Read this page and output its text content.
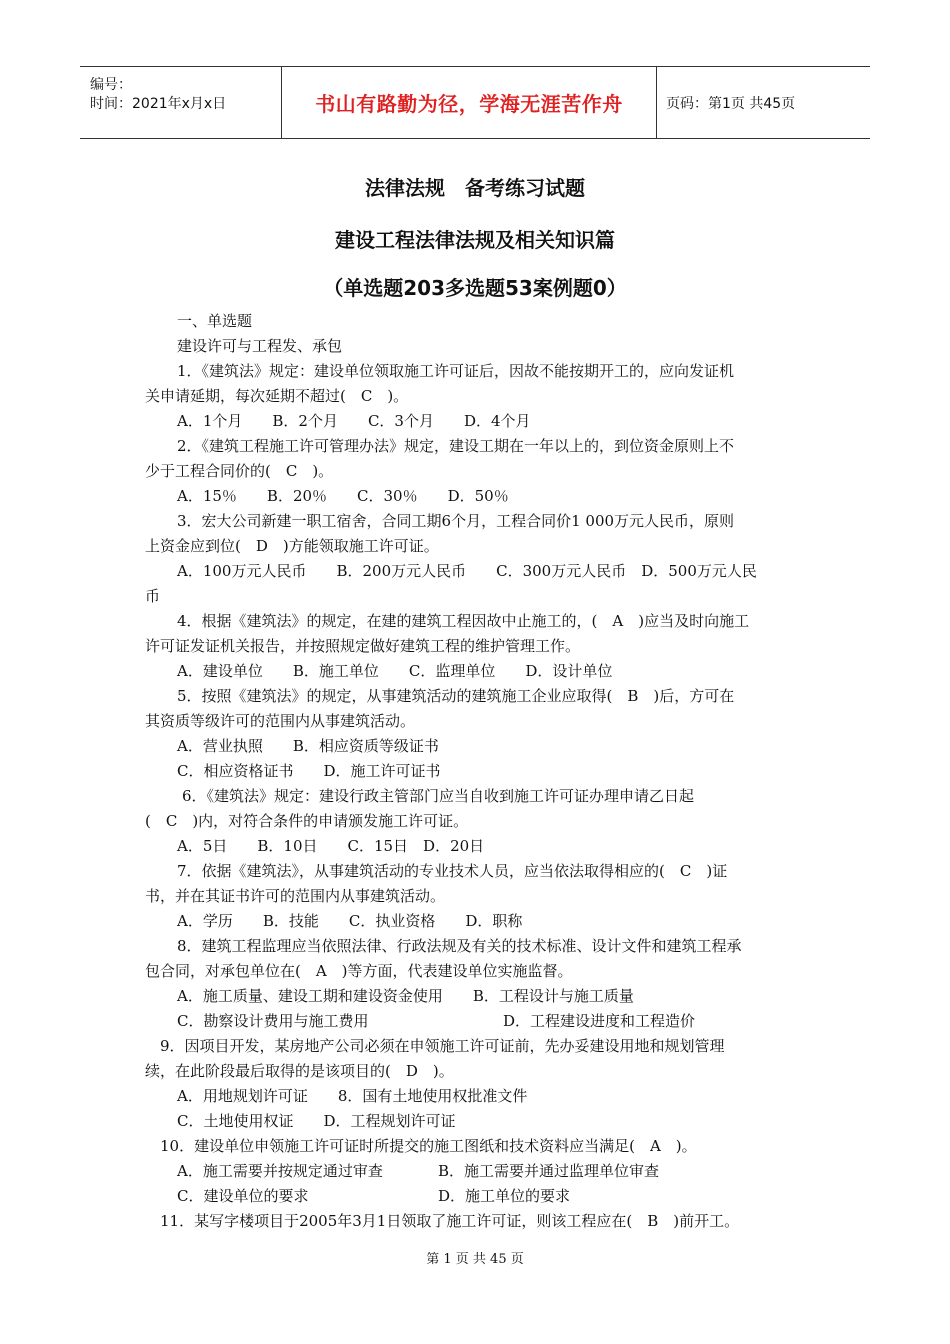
编号：
时间：2021年x月x日	书山有路勤为径，学海无涯苦作舟	页码：第1页 共45页
法律法规　备考练习试题
建设工程法律法规及相关知识篇
（单选题203多选题53案例题0）
一、单选题
建设许可与工程发、承包
1．《建筑法》规定：建设单位领取施工许可证后，因故不能按期开工的，应向发证机
关申请延期，每次延期不超过(　C　)。
A．1个月　　B．2个月　　C．3个月　　D．4个月
2．《建筑工程施工许可管理办法》规定，建设工期在一年以上的，到位资金原则上不
少于工程合同价的(　C　)。
A．15％　　B．20％　　C．30％　　D．50％
3．宏大公司新建一职工宿舍，合同工期6个月，工程合同价1 000万元人民币，原则
上资金应到位(　D　)方能领取施工许可证。
A．100万元人民币　　B．200万元人民币　　C．300万元人民币　D．500万元人民
币
4．根据《建筑法》的规定，在建的建筑工程因故中止施工的，(　A　)应当及时向施工
许可证发证机关报告，并按照规定做好建筑工程的维护管理工作。
A．建设单位　　B．施工单位　　C．监理单位　　D．设计单位
5．按照《建筑法》的规定，从事建筑活动的建筑施工企业应取得(　B　)后，方可在
其资质等级许可的范围内从事建筑活动。
A．营业执照　　B．相应资质等级证书
C．相应资格证书　　D．施工许可证书
6．《建筑法》规定：建设行政主管部门应当自收到施工许可证办理申请乙日起
(　C　)内，对符合条件的申请颁发施工许可证。
A．5日　　B．10日　　C．15日　D．20日
7．依据《建筑法》，从事建筑活动的专业技术人员，应当依法取得相应的(　C　)证
书，并在其证书许可的范围内从事建筑活动。
A．学历　　B．技能　　C．执业资格　　D．职称
8．建筑工程监理应当依照法律、行政法规及有关的技术标准、设计文件和建筑工程承
包合同，对承包单位在(　A　)等方面，代表建设单位实施监督。
A．施工质量、建设工期和建设资金使用　　B．工程设计与施工质量
C．勘察设计费用与施工费用	D．工程建设进度和工程造价
9．因项目开发，某房地产公司必须在申领施工许可证前，先办妥建设用地和规划管理
续，在此阶段最后取得的是该项目的(　D　)。
A．用地规划许可证　　8．国有土地使用权批准文件
C．土地使用权证　　D．工程规划许可证
10．建设单位申领施工许可证时所提交的施工图纸和技术资料应当满足(　A　)。
A．施工需要并按规定通过审查	B．施工需要并通过监理单位审查
C．建设单位的要求	D．施工单位的要求
11．某写字楼项目于2005年3月1日领取了施工许可证，则该工程应在(　B　)前开工。
第 1 页 共 45 页
